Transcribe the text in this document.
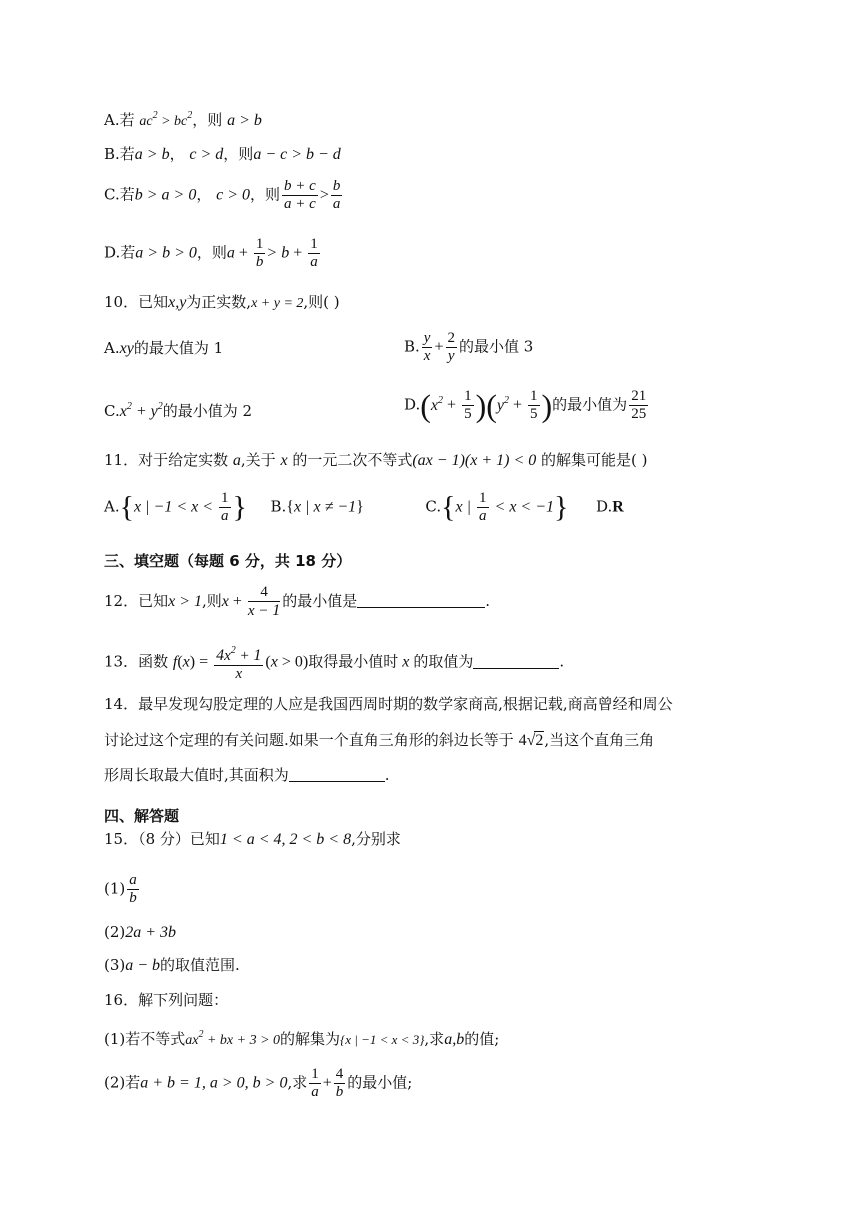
A.若 $ac^2 > bc^2$，则 a > b
B.若a > b， c > d，则a − c > b − d
C.若b > a > 0， c > 0，则 $\frac{b + c}{a + c} > \frac{b}{a}$
D.若a > b > 0，则$a + \frac{1}{b} > b + \frac{1}{a}$
10．已知x,y为正实数,x + y = 2,则( )
A.xy的最大值为 1	B. $\frac{y}{x} + \frac{2}{y}$ 的最小值 3
$C.x^2 + y^2$的最小值为 2	$D.(x^2 + \frac{1}{5} )(y^2 + \frac{1}{5}$ )的最小值为 $\frac{21}{25}$
11．对于给定实数 a,关于 x 的一元二次不等式(ax − 1)(x + 1) < 0 的解集可能是( )
A.{x | $-1 < x < \frac{1}{a}$ } B.{x | x ≠ −1}	C.{x | $\frac{1}{a} < x < -1$} D.R
三、填空题（每题 6 分，共 18 分）
12．已知x > 1,则$x + \frac{4}{x - 1}$ 的最小值是	.
13．函数 $f(x) = \frac{4x^2 + 1}{x} (x > 0)$取得最小值时 x 的取值为	.
14．最早发现勾股定理的人应是我国西周时期的数学家商高,根据记载,商高曾经和周公
讨论过这个定理的有关问题.如果一个直角三角形的斜边长等于 4√2,当这个直角三角
形周长取最大值时,其面积为	.
四、解答题
15．（8 分）已知1 < a < 4, 2 < b < 8,分别求
$(1) \frac{a}{b}$
(2)2a + 3b
(3)a − b的取值范围.
16．解下列问题：
(1)若不等式$ax^2$ + bx + 3 > 0的解集为{x | −1 < x < 3},求a,b的值;
(2)若a + b = 1, a > 0, b > 0,求 $\frac{1}{a} + \frac{4}{b}$ 的最小值;
